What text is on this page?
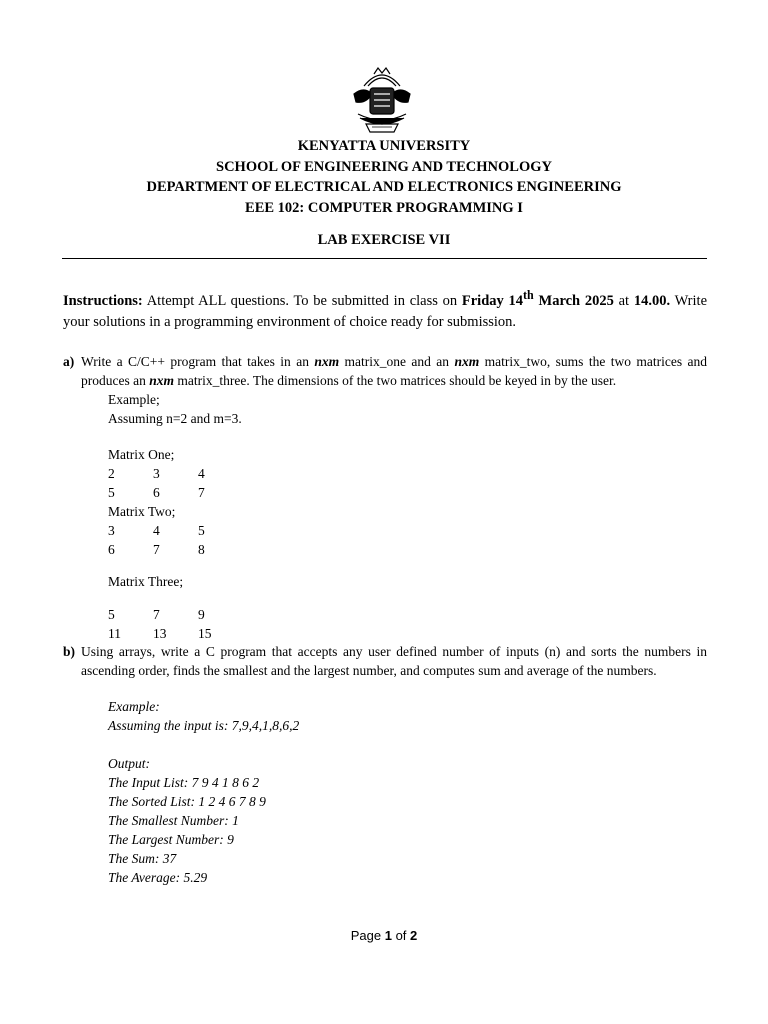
KENYATTA UNIVERSITY
SCHOOL OF ENGINEERING AND TECHNOLOGY
DEPARTMENT OF ELECTRICAL AND ELECTRONICS ENGINEERING
EEE 102: COMPUTER PROGRAMMING I
LAB EXERCISE VII
Instructions: Attempt ALL questions. To be submitted in class on Friday 14th March 2025 at 14.00. Write your solutions in a programming environment of choice ready for submission.
a) Write a C/C++ program that takes in an nxm matrix_one and an nxm matrix_two, sums the two matrices and produces an nxm matrix_three. The dimensions of the two matrices should be keyed in by the user.
Example;
Assuming n=2 and m=3.
Matrix One;
2	3	4
5	6	7
Matrix Two;
3	4	5
6	7	8
Matrix Three;
5	7	9
11	13	15
b) Using arrays, write a C program that accepts any user defined number of inputs (n) and sorts the numbers in ascending order, finds the smallest and the largest number, and computes sum and average of the numbers.
Example:
Assuming the input is: 7,9,4,1,8,6,2
Output:
The Input List: 7 9 4 1 8 6 2
The Sorted List: 1 2 4 6 7 8 9
The Smallest Number: 1
The Largest Number: 9
The Sum: 37
The Average: 5.29
Page 1 of 2
